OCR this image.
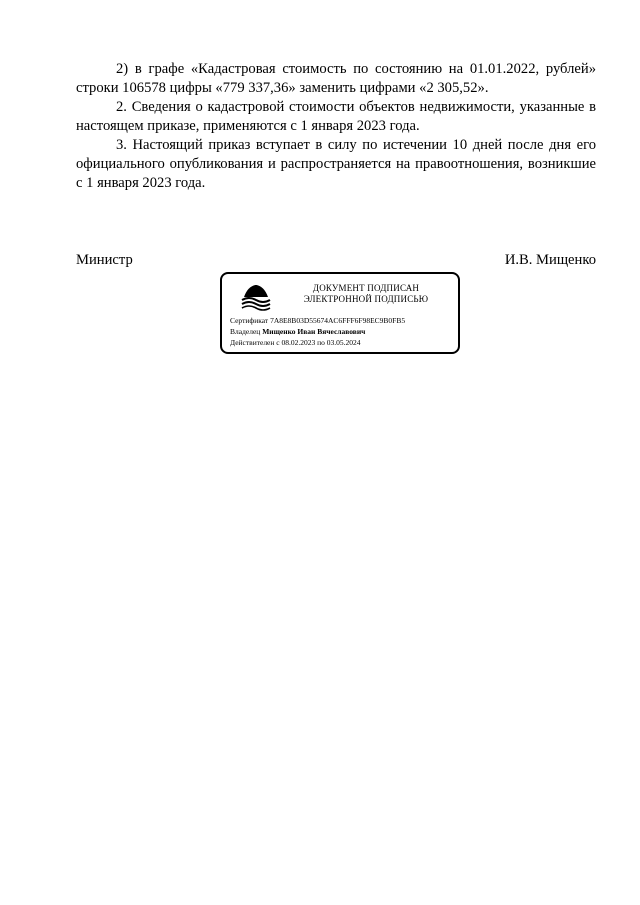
2) в графе «Кадастровая стоимость по состоянию на 01.01.2022, рублей» строки 106578 цифры «779 337,36» заменить цифрами «2 305,52».

2. Сведения о кадастровой стоимости объектов недвижимости, указанные в настоящем приказе, применяются с 1 января 2023 года.

3. Настоящий приказ вступает в силу по истечении 10 дней после дня его официального опубликования и распространяется на правоотношения, возникшие с 1 января 2023 года.

Министр	И.В. Мищенко
ДОКУМЕНТ ПОДПИСАН
ЭЛЕКТРОННОЙ ПОДПИСЬЮ
Сертификат 7A8E8B03D55674AC6FFF6F98EC9B0FB5
Владелец Мищенко Иван Вячеславович
Действителен с 08.02.2023 по 03.05.2024
